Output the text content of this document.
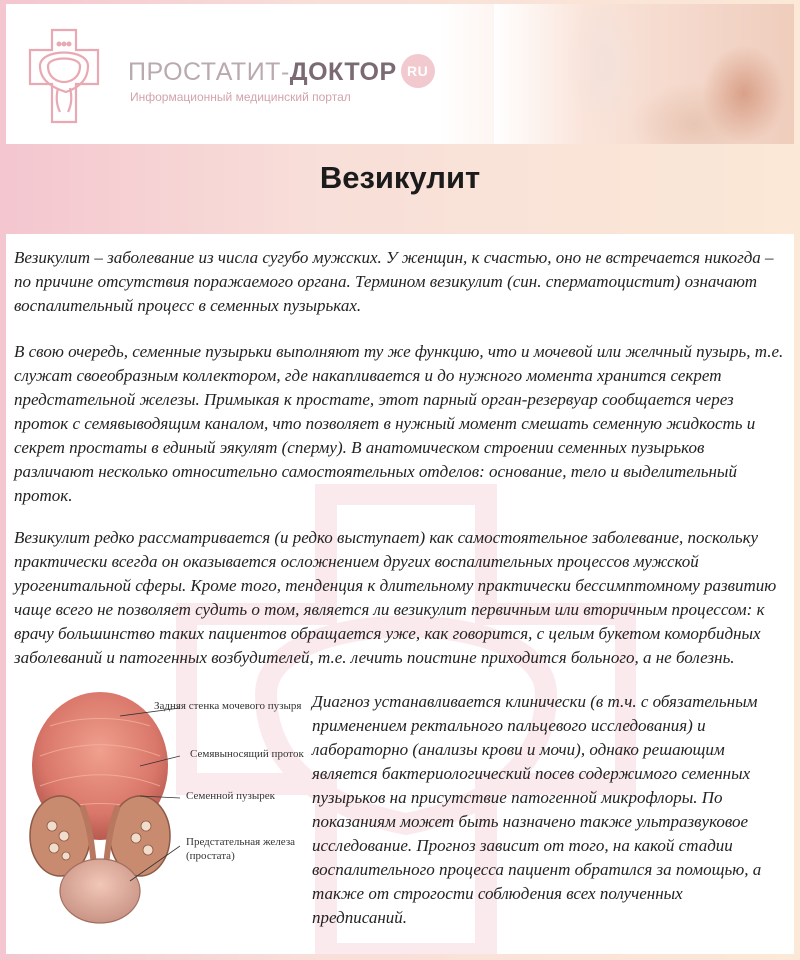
ПРОСТАТИТ-ДОКТОР RU
Информационный медицинский портал
Везикулит

Везикулит – заболевание из числа сугубо мужских. У женщин, к счастью, оно не встречается никогда – по причине отсутствия поражаемого органа. Термином везикулит (син. сперматоцистит) означают воспалительный процесс в семенных пузырьках.

В свою очередь, семенные пузырьки выполняют ту же функцию, что и мочевой или желчный пузырь, т.е. служат своеобразным коллектором, где накапливается и до нужного момента хранится секрет предстательной железы. Примыкая к простате, этот парный орган-резервуар сообщается через проток с семявыводящим каналом, что позволяет в нужный момент смешать семенную жидкость и секрет простаты в единый эякулят (сперму). В анатомическом строении семенных пузырьков различают несколько относительно самостоятельных отделов: основание, тело и выделительный проток.

Везикулит редко рассматривается (и редко выступает) как самостоятельное заболевание, поскольку практически всегда он оказывается осложнением других воспалительных процессов мужской урогенитальной сферы. Кроме того, тенденция к длительному практически бессимптомному развитию чаще всего не позволяет судить о том, является ли везикулит первичным или вторичным процессом: к врачу большинство таких пациентов обращается уже, как говорится, с целым букетом коморбидных заболеваний и патогенных возбудителей, т.е. лечить поистине приходится больного, а не болезнь.

Задняя стенка мочевого пузыря
Семявыносящий проток
Семенной пузырек
Предстательная железа
(простата)

Диагноз устанавливается клинически (в т.ч. с обязательным применением ректального пальцевого исследования) и лабораторно (анализы крови и мочи), однако решающим является бактериологический посев содержимого семенных пузырьков на присутствие патогенной микрофлоры. По показаниям может быть назначено также ультразвуковое исследование. Прогноз зависит от того, на какой стадии воспалительного процесса пациент обратился за помощью, а также от строгости соблюдения всех полученных предписаний.
